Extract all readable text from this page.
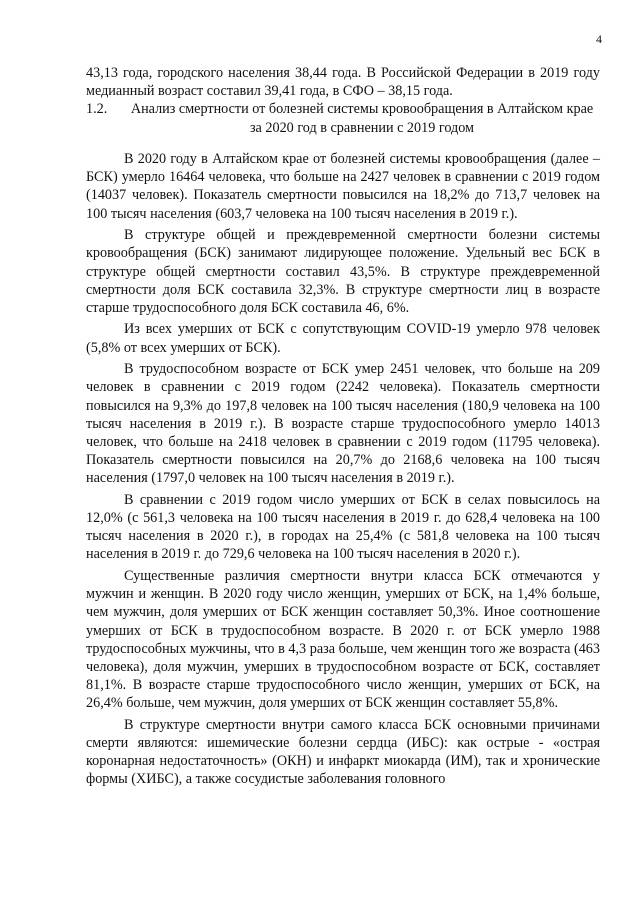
4

43,13 года, городского населения 38,44 года. В Российской Федерации в 2019 году медианный возраст составил 39,41 года, в СФО – 38,15 года.

1.2.	Анализ смертности от болезней системы кровообращения в Алтайском крае за 2020 год в сравнении с 2019 годом

В 2020 году в Алтайском крае от болезней системы кровообращения (далее – БСК) умерло 16464 человека, что больше на 2427 человек в сравнении с 2019 годом (14037 человек). Показатель смертности повысился на 18,2% до 713,7 человек на 100 тысяч населения (603,7 человека на 100 тысяч населения в 2019 г.).

В структуре общей и преждевременной смертности болезни системы кровообращения (БСК) занимают лидирующее положение. Удельный вес БСК в структуре общей смертности составил 43,5%. В структуре преждевременной смертности доля БСК составила 32,3%. В структуре смертности лиц в возрасте старше трудоспособного доля БСК составила 46, 6%.

Из всех умерших от БСК с сопутствующим COVID-19 умерло 978 человек (5,8% от всех умерших от БСК).

В трудоспособном возрасте от БСК умер 2451 человек, что больше на 209 человек в сравнении с 2019 годом (2242 человека). Показатель смертности повысился на 9,3% до 197,8 человек на 100 тысяч населения (180,9 человека на 100 тысяч населения в 2019 г.). В возрасте старше трудоспособного умерло 14013 человек, что больше на 2418 человек в сравнении с 2019 годом (11795 человека). Показатель смертности повысился на 20,7% до 2168,6 человека на 100 тысяч населения (1797,0 человек на 100 тысяч населения в 2019 г.).

В сравнении с 2019 годом число умерших от БСК в селах повысилось на 12,0% (с 561,3 человека на 100 тысяч населения в 2019 г. до 628,4 человека на 100 тысяч населения в 2020 г.), в городах на 25,4% (с 581,8 человека на 100 тысяч населения в 2019 г. до 729,6 человека на 100 тысяч населения в 2020 г.).

Существенные различия смертности внутри класса БСК отмечаются у мужчин и женщин. В 2020 году число женщин, умерших от БСК, на 1,4% больше, чем мужчин, доля умерших от БСК женщин составляет 50,3%. Иное соотношение умерших от БСК в трудоспособном возрасте. В 2020 г. от БСК умерло 1988 трудоспособных мужчины, что в 4,3 раза больше, чем женщин того же возраста (463 человека), доля мужчин, умерших в трудоспособном возрасте от БСК, составляет 81,1%. В возрасте старше трудоспособного число женщин, умерших от БСК, на 26,4% больше, чем мужчин, доля умерших от БСК женщин составляет 55,8%.

В структуре смертности внутри самого класса БСК основными причинами смерти являются: ишемические болезни сердца (ИБС): как острые - «острая коронарная недостаточность» (ОКН) и инфаркт миокарда (ИМ), так и хронические формы (ХИБС), а также сосудистые заболевания головного
